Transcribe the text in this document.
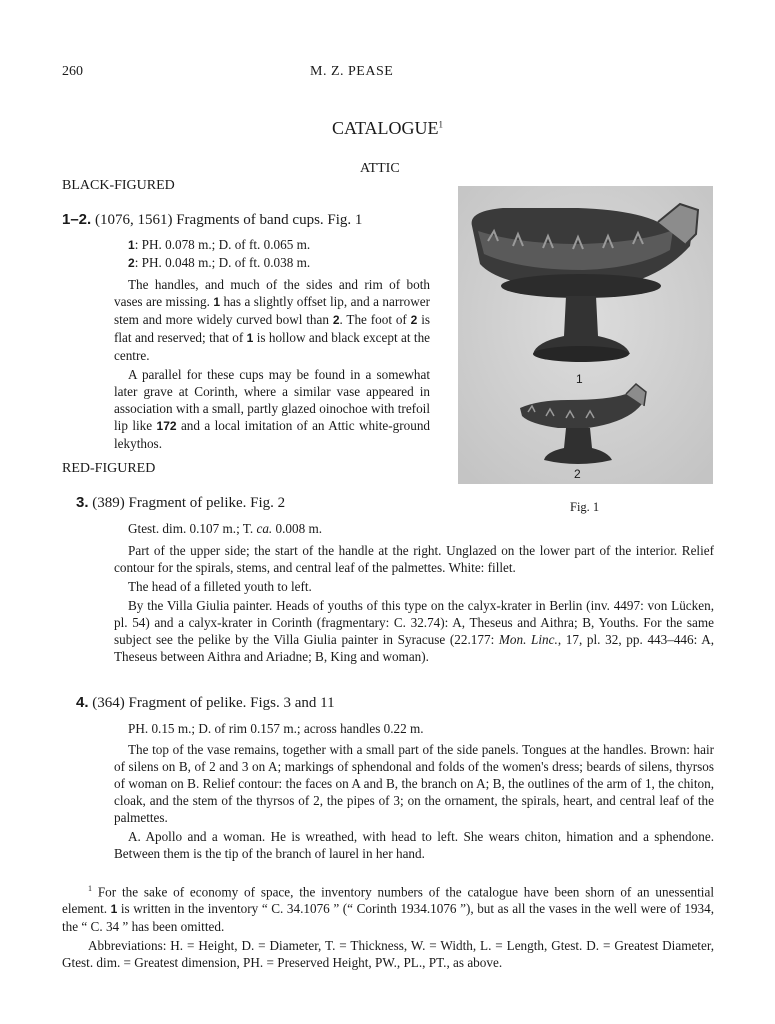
260	M. Z. PEASE
CATALOGUE$^1$
ATTIC
BLACK-FIGURED
1–2. (1076, 1561) Fragments of band cups. Fig. 1
1: PH. 0.078 m.; D. of ft. 0.065 m.
2: PH. 0.048 m.; D. of ft. 0.038 m.

The handles, and much of the sides and rim of both vases are missing. 1 has a slightly offset lip, and a narrower stem and more widely curved bowl than 2. The foot of 2 is flat and reserved; that of 1 is hollow and black except at the centre.

A parallel for these cups may be found in a somewhat later grave at Corinth, where a similar vase appeared in association with a small, partly glazed oinochoe with trefoil lip like 172 and a local imitation of an Attic white-ground lekythos.

1
2
Fig. 1
RED-FIGURED
3. (389) Fragment of pelike. Fig. 2
Gtest. dim. 0.107 m.; T. ca. 0.008 m.

Part of the upper side; the start of the handle at the right. Unglazed on the lower part of the interior. Relief contour for the spirals, stems, and central leaf of the palmettes. White: fillet.

The head of a filleted youth to left.

By the Villa Giulia painter. Heads of youths of this type on the calyx-krater in Berlin (inv. 4497: von Lücken, pl. 54) and a calyx-krater in Corinth (fragmentary: C. 32.74): A, Theseus and Aithra; B, Youths. For the same subject see the pelike by the Villa Giulia painter in Syracuse (22.177: Mon. Linc., 17, pl. 32, pp. 443–446: A, Theseus between Aithra and Ariadne; B, King and woman).

4. (364) Fragment of pelike. Figs. 3 and 11
PH. 0.15 m.; D. of rim 0.157 m.; across handles 0.22 m.

The top of the vase remains, together with a small part of the side panels. Tongues at the handles. Brown: hair of silens on B, of 2 and 3 on A; markings of sphendonal and folds of the women's dress; beards of silens, thyrsos of woman on B. Relief contour: the faces on A and B, the branch on A; B, the outlines of the arm of 1, the chiton, cloak, and the stem of the thyrsos of 2, the pipes of 3; on the ornament, the spirals, heart, and central leaf of the palmettes.

A. Apollo and a woman. He is wreathed, with head to left. She wears chiton, himation and a sphendone. Between them is the tip of the branch of laurel in her hand.

$^1$ For the sake of economy of space, the inventory numbers of the catalogue have been shorn of an unessential element. 1 is written in the inventory “ C. 34.1076 ” (“ Corinth 1934.1076 ”), but as all the vases in the well were of 1934, the “ C. 34 ” has been omitted.

Abbreviations: H. = Height, D. = Diameter, T. = Thickness, W. = Width, L. = Length, Gtest. D. = Greatest Diameter, Gtest. dim. = Greatest dimension, PH. = Preserved Height, PW., PL., PT., as above.
